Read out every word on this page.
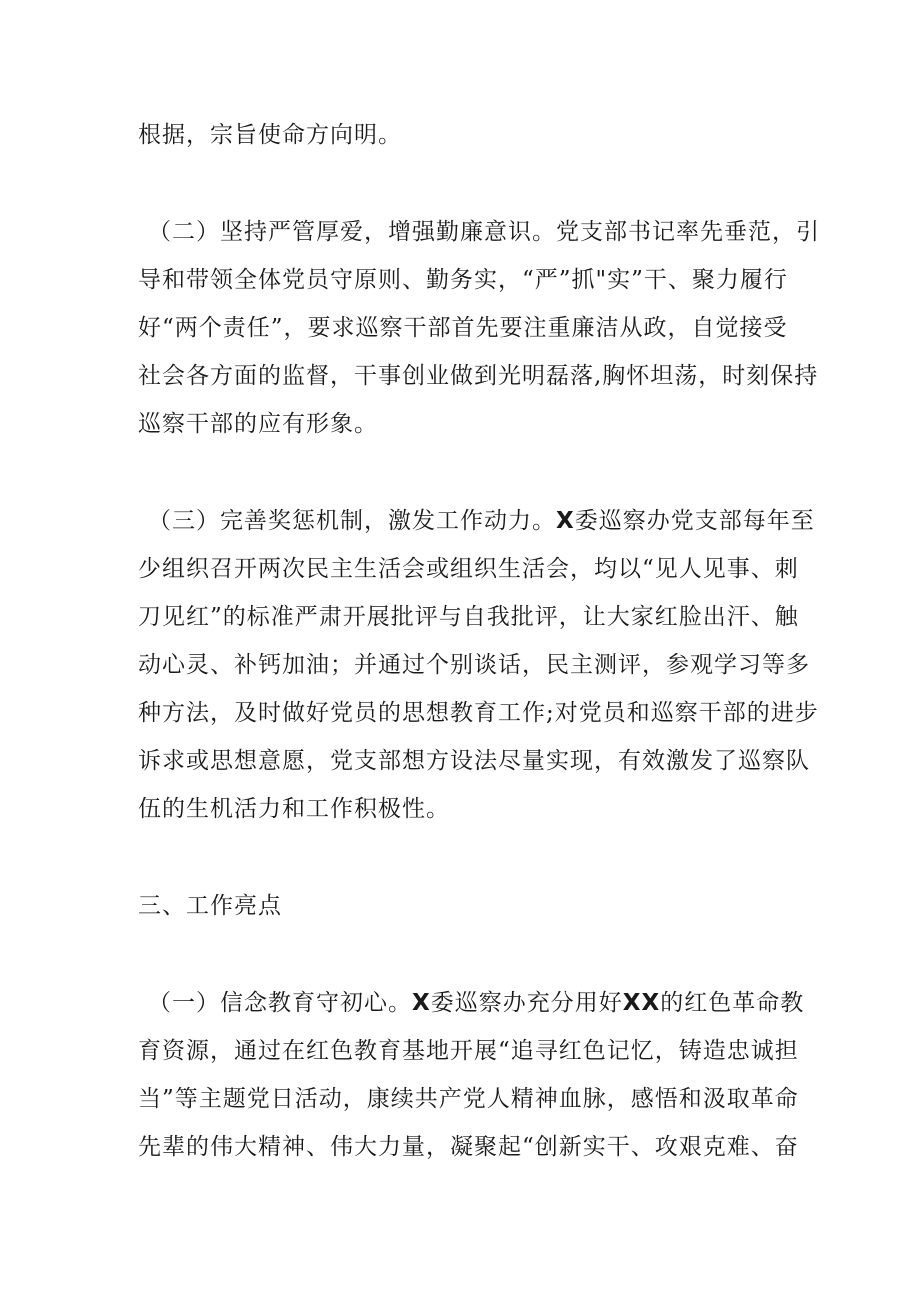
根据，宗旨使命方向明。
（二）坚持严管厚爱，增强勤廉意识。党支部书记率先垂范，引
导和带领全体党员守原则、勤务实，“严”抓"实”干、聚力履行
好“两个责任”，要求巡察干部首先要注重廉洁从政，自觉接受
社会各方面的监督，干事创业做到光明磊落,胸怀坦荡，时刻保持
巡察干部的应有形象。
（三）完善奖惩机制，激发工作动力。X委巡察办党支部每年至
少组织召开两次民主生活会或组织生活会，均以“见人见事、刺
刀见红”的标准严肃开展批评与自我批评，让大家红脸出汗、触
动心灵、补钙加油；并通过个别谈话，民主测评，参观学习等多
种方法，及时做好党员的思想教育工作;对党员和巡察干部的进步
诉求或思想意愿，党支部想方设法尽量实现，有效激发了巡察队
伍的生机活力和工作积极性。
三、工作亮点
（一）信念教育守初心。X委巡察办充分用好XX的红色革命教
育资源，通过在红色教育基地开展“追寻红色记忆，铸造忠诚担
当”等主题党日活动，康续共产党人精神血脉，感悟和汲取革命
先辈的伟大精神、伟大力量，凝聚起“创新实干、攻艰克难、奋
